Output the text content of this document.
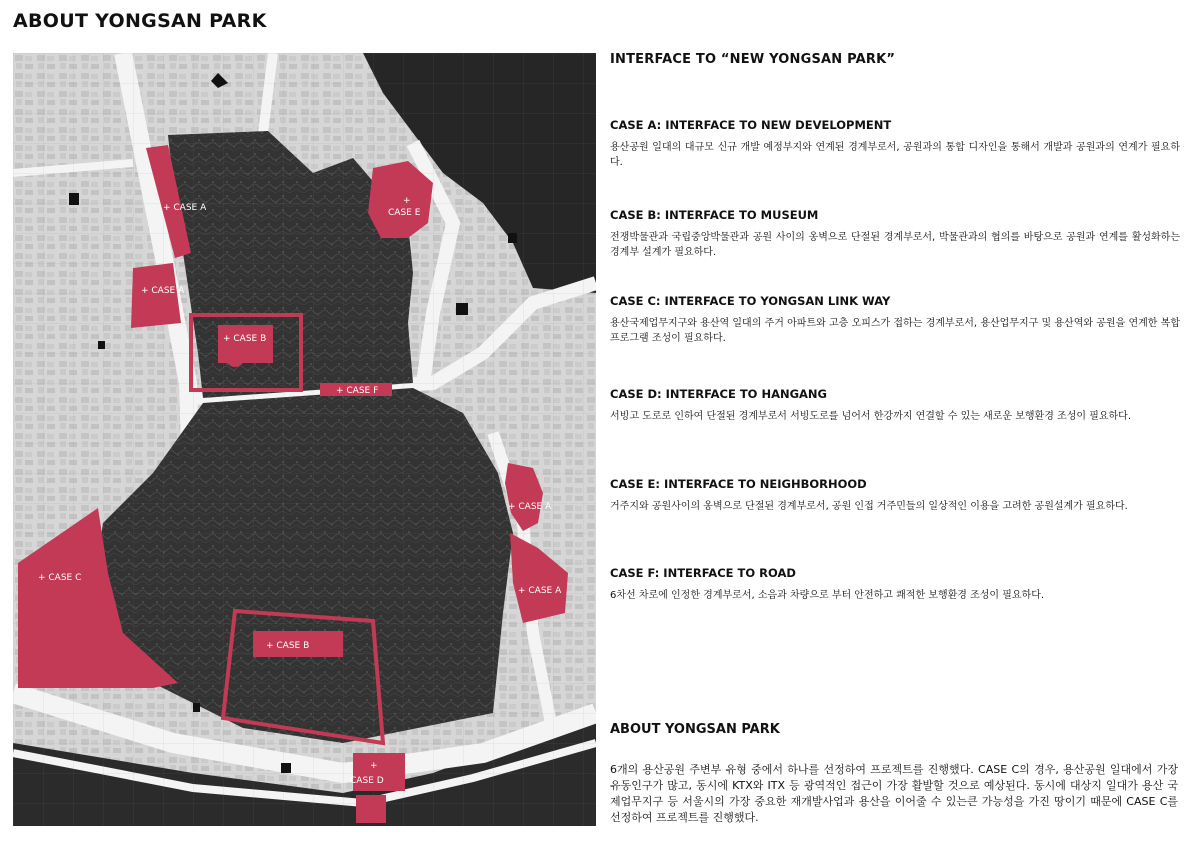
ABOUT YONGSAN PARK
+ CASE A
+ CASE A
+ CASE A
+ CASE A
+ CASE B
+ CASE B
+ CASE C
+
CASE D
+
CASE E
+ CASE F
INTERFACE TO “NEW YONGSAN PARK”
CASE A: INTERFACE TO NEW DEVELOPMENT
용산공원 일대의 대규모 신규 개발 예정부지와 연계된 경계부로서, 공원과의 통합 디자인을 통해서 개발과 공원과의 연계가 필요하다.
CASE B: INTERFACE TO MUSEUM
전쟁박물관과 국립중앙박물관과 공원 사이의 옹벽으로 단절된 경계부로서, 박물관과의 협의를 바탕으로 공원과 연계를 활성화하는 경계부 설계가 필요하다.
CASE C: INTERFACE TO YONGSAN LINK WAY
용산국제업무지구와 용산역 일대의 주거 아파트와 고층 오피스가 접하는 경계부로서, 용산업무지구 및 용산역와 공원을 연계한 복합 프로그램 조성이 필요하다.
CASE D: INTERFACE TO HANGANG
서빙고 도로로 인하여 단절된 경계부로서 서빙도로를 넘어서 한강까지 연결할 수 있는 새로운 보행환경 조성이 필요하다.
CASE E: INTERFACE TO NEIGHBORHOOD
거주지와 공원사이의 옹벽으로 단절된 경계부로서, 공원 인접 거주민들의 일상적인 이용을 고려한 공원설계가 필요하다.
CASE F: INTERFACE TO ROAD
6차선 차로에 인정한 경계부로서, 소음과 차량으로 부터 안전하고 쾌적한 보행환경 조성이 필요하다.
ABOUT YONGSAN PARK
6개의 용산공원 주변부 유형 중에서 하나를 선정하여 프로젝트를 진행했다. CASE C의 경우, 용산공원 일대에서 가장 유동인구가 많고, 동시에 KTX와 ITX 등 광역적인 접근이 가장 활발할 것으로 예상된다. 동시에 대상지 일대가 용산 국제업무지구 등 서울시의 가장 중요한 재개발사업과 용산을 이어줄 수 있는큰 가능성을 가진 땅이기 때문에 CASE C를 선정하여 프로젝트를 진행했다.
